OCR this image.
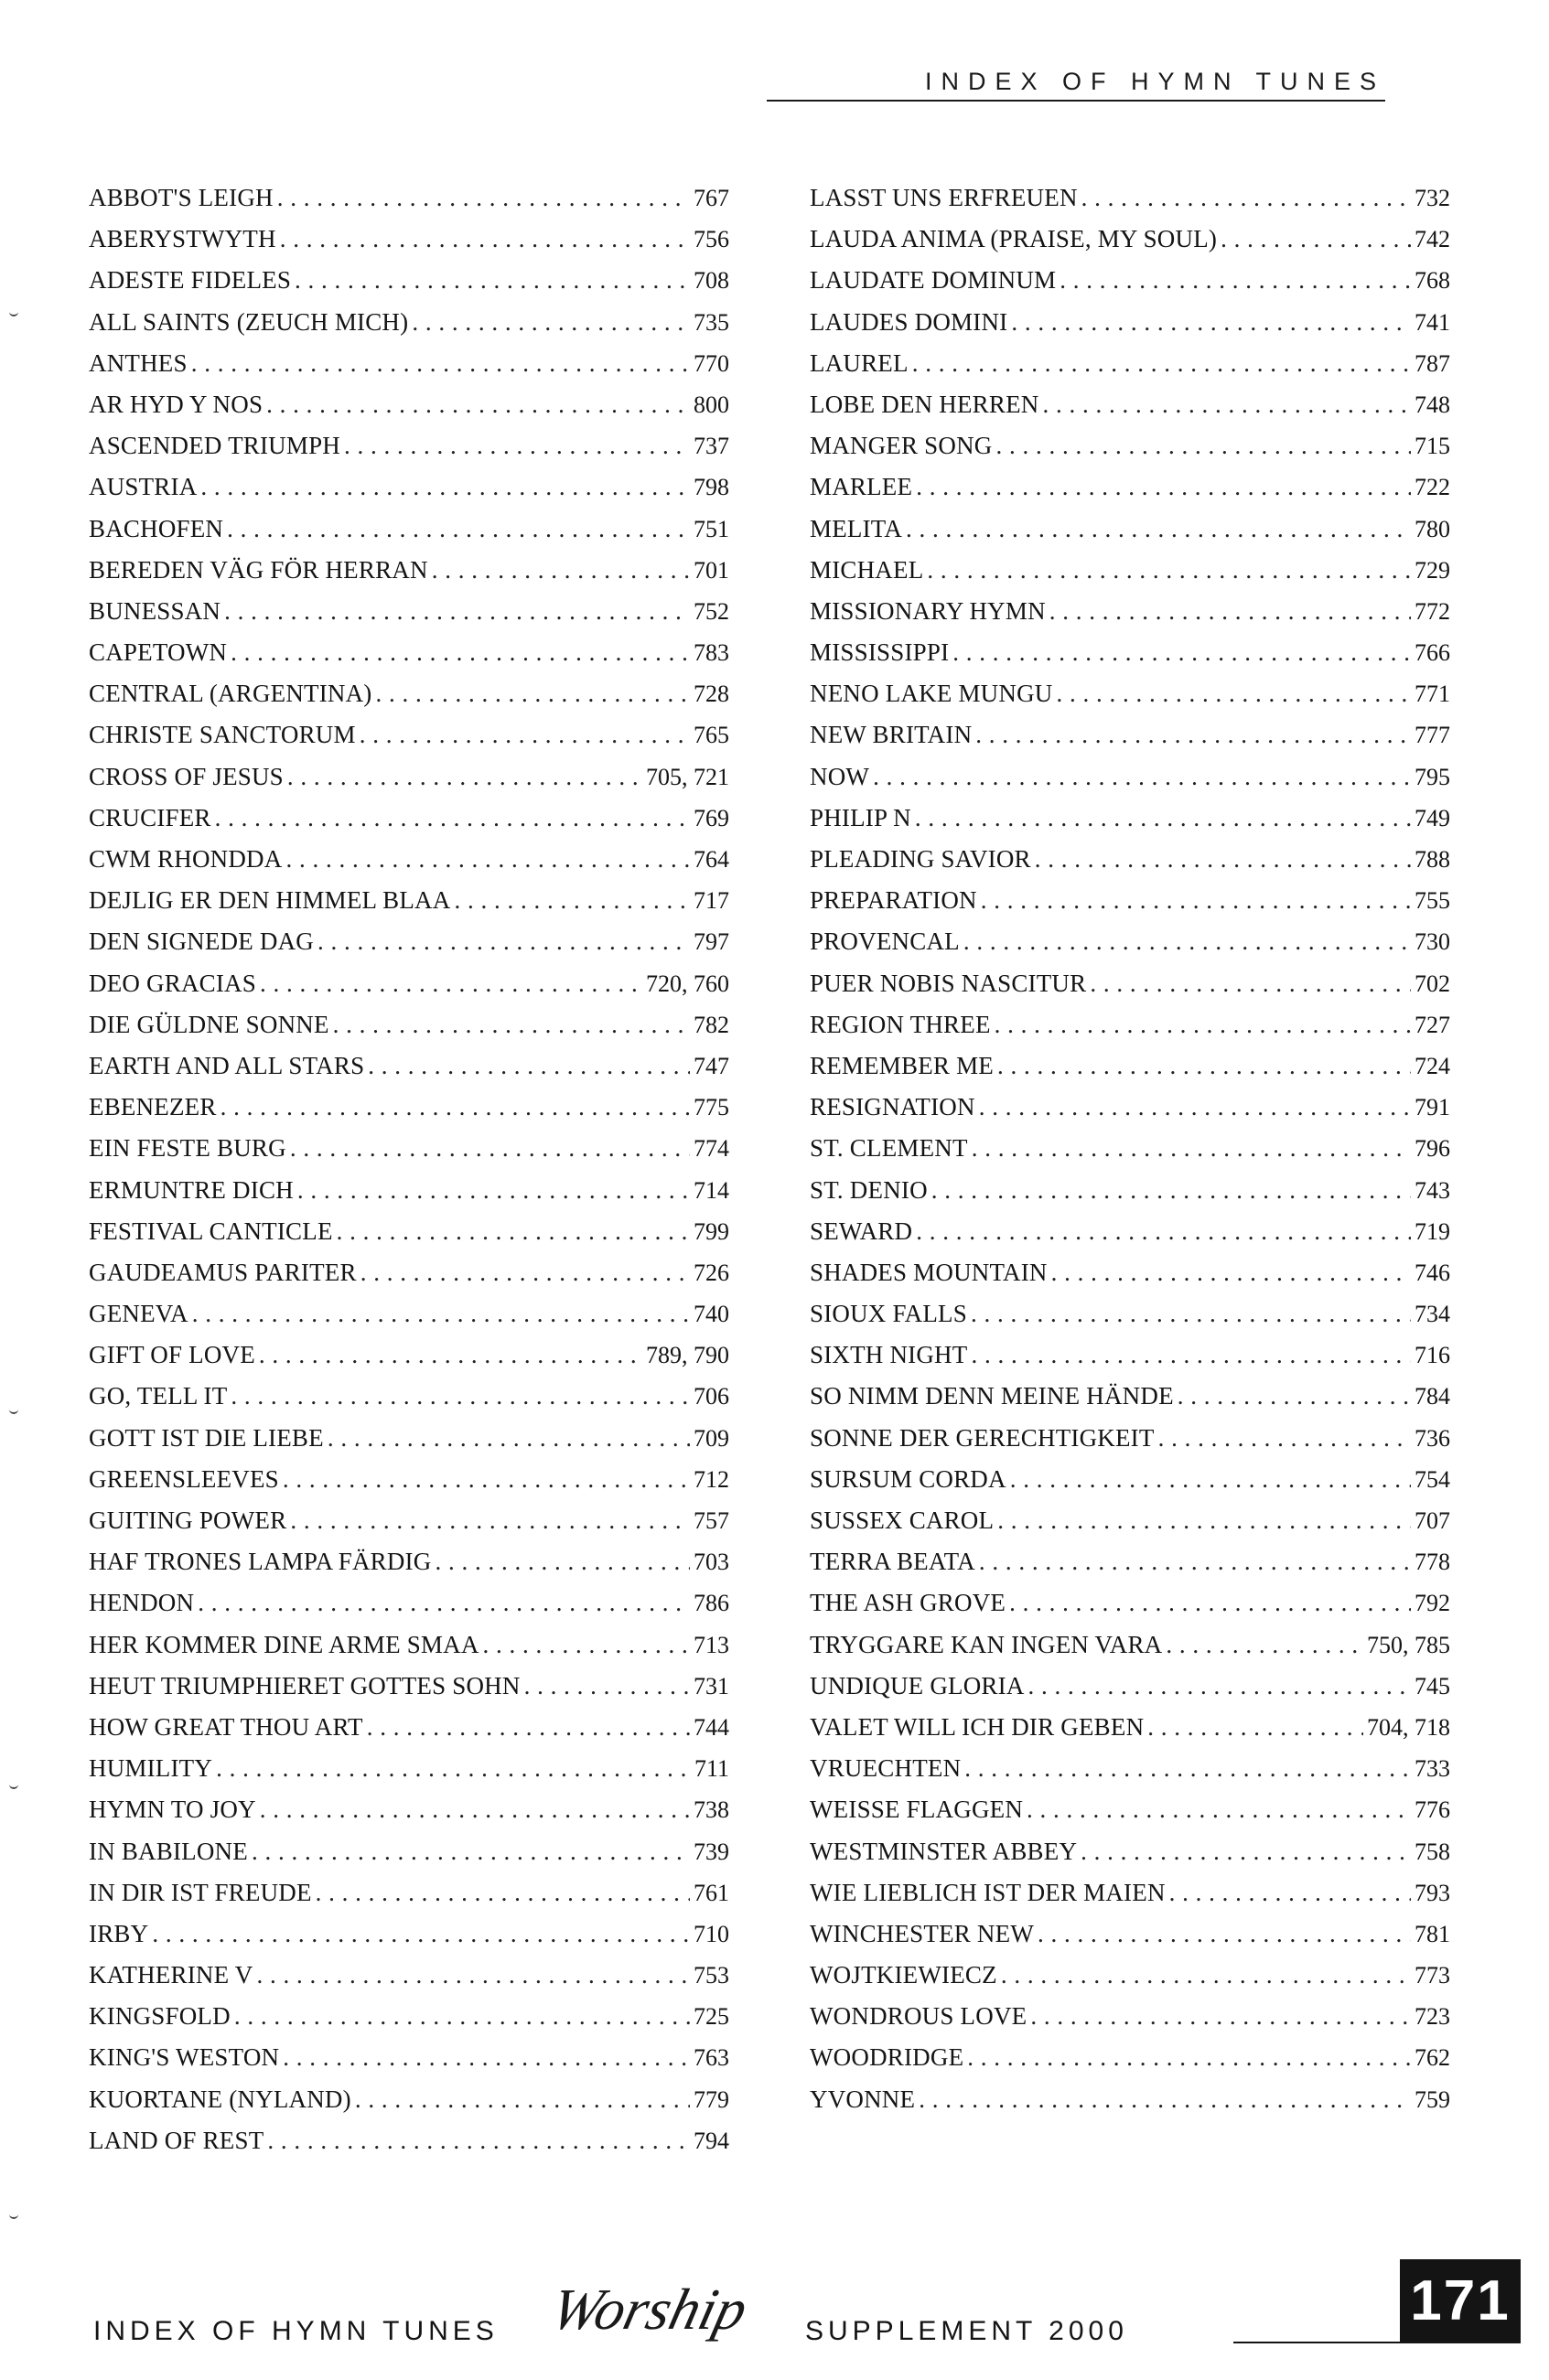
INDEX OF HYMN TUNES
ABBOT'S LEIGH . . .	767
ABERYSTWYTH . . .	756
ADESTE FIDELES . . .	708
ALL SAINTS (ZEUCH MICH) . . .	735
ANTHES . . .	770
AR HYD Y NOS . . .	800
ASCENDED TRIUMPH . . .	737
AUSTRIA . . .	798
BACHOFEN . . .	751
BEREDEN VÄG FÖR HERRAN . . .	701
BUNESSAN . . .	752
CAPETOWN . . .	783
CENTRAL (ARGENTINA) . . .	728
CHRISTE SANCTORUM . . .	765
CROSS OF JESUS . . .	705, 721
CRUCIFER . . .	769
CWM RHONDDA . . .	764
DEJLIG ER DEN HIMMEL BLAA . . .	717
DEN SIGNEDE DAG . . .	797
DEO GRACIAS . . .	720, 760
DIE GÜLDNE SONNE . . .	782
EARTH AND ALL STARS . . .	747
EBENEZER . . .	775
EIN FESTE BURG . . .	774
ERMUNTRE DICH . . .	714
FESTIVAL CANTICLE . . .	799
GAUDEAMUS PARITER . . .	726
GENEVA . . .	740
GIFT OF LOVE . . .	789, 790
GO, TELL IT . . .	706
GOTT IST DIE LIEBE . . .	709
GREENSLEEVES . . .	712
GUITING POWER . . .	757
HAF TRONES LAMPA FÄRDIG . . .	703
HENDON . . .	786
HER KOMMER DINE ARME SMAA . . .	713
HEUT TRIUMPHIERET GOTTES SOHN . . .	731
HOW GREAT THOU ART . . .	744
HUMILITY . . .	711
HYMN TO JOY . . .	738
IN BABILONE . . .	739
IN DIR IST FREUDE . . .	761
IRBY . . .	710
KATHERINE V . . .	753
KINGSFOLD . . .	725
KING'S WESTON . . .	763
KUORTANE (NYLAND) . . .	779
LAND OF REST . . .	794
LASST UNS ERFREUEN . . .	732
LAUDA ANIMA (PRAISE, MY SOUL) . . .	742
LAUDATE DOMINUM . . .	768
LAUDES DOMINI . . .	741
LAUREL . . .	787
LOBE DEN HERREN . . .	748
MANGER SONG . . .	715
MARLEE . . .	722
MELITA . . .	780
MICHAEL . . .	729
MISSIONARY HYMN . . .	772
MISSISSIPPI . . .	766
NENO LAKE MUNGU . . .	771
NEW BRITAIN . . .	777
NOW . . .	795
PHILIP N . . .	749
PLEADING SAVIOR . . .	788
PREPARATION . . .	755
PROVENCAL . . .	730
PUER NOBIS NASCITUR . . .	702
REGION THREE . . .	727
REMEMBER ME . . .	724
RESIGNATION . . .	791
ST. CLEMENT . . .	796
ST. DENIO . . .	743
SEWARD . . .	719
SHADES MOUNTAIN . . .	746
SIOUX FALLS . . .	734
SIXTH NIGHT . . .	716
SO NIMM DENN MEINE HÄNDE . . .	784
SONNE DER GERECHTIGKEIT . . .	736
SURSUM CORDA . . .	754
SUSSEX CAROL . . .	707
TERRA BEATA . . .	778
THE ASH GROVE . . .	792
TRYGGARE KAN INGEN VARA . . .	750, 785
UNDIQUE GLORIA . . .	745
VALET WILL ICH DIR GEBEN . . .	704, 718
VRUECHTEN . . .	733
WEISSE FLAGGEN . . .	776
WESTMINSTER ABBEY . . .	758
WIE LIEBLICH IST DER MAIEN . . .	793
WINCHESTER NEW . . .	781
WOJTKIEWIECZ . . .	773
WONDROUS LOVE . . .	723
WOODRIDGE . . .	762
YVONNE . . .	759
INDEX OF HYMN TUNES Worship SUPPLEMENT 2000	171
